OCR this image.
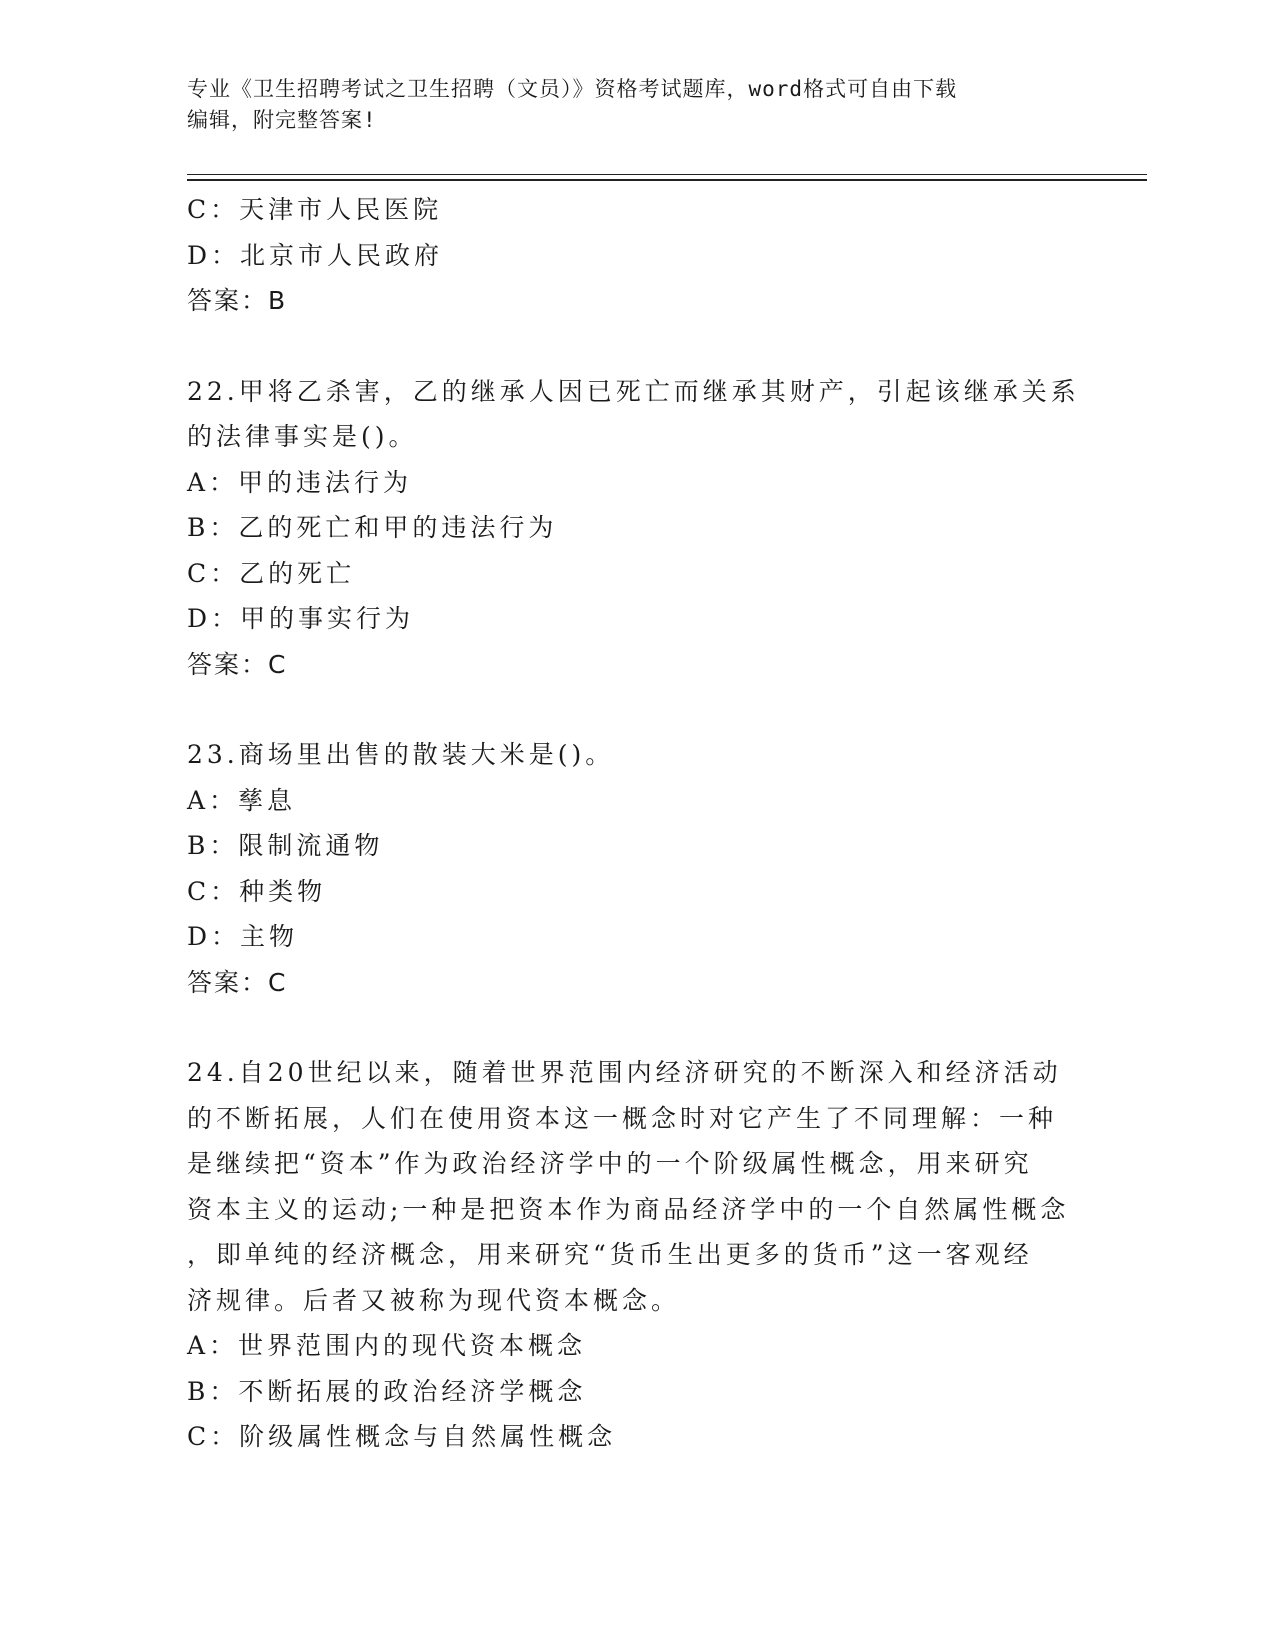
专业《卫生招聘考试之卫生招聘（文员）》资格考试题库，word格式可自由下载
编辑，附完整答案!
C：天津市人民医院
D：北京市人民政府
答案：B
22.甲将乙杀害，乙的继承人因已死亡而继承其财产，引起该继承关系
的法律事实是()。
A：甲的违法行为
B：乙的死亡和甲的违法行为
C：乙的死亡
D：甲的事实行为
答案：C
23.商场里出售的散装大米是()。
A：孳息
B：限制流通物
C：种类物
D：主物
答案：C
24.自20世纪以来，随着世界范围内经济研究的不断深入和经济活动
的不断拓展，人们在使用资本这一概念时对它产生了不同理解：一种
是继续把“资本”作为政治经济学中的一个阶级属性概念，用来研究
资本主义的运动;一种是把资本作为商品经济学中的一个自然属性概念
，即单纯的经济概念，用来研究“货币生出更多的货币”这一客观经
济规律。后者又被称为现代资本概念。
A：世界范围内的现代资本概念
B：不断拓展的政治经济学概念
C：阶级属性概念与自然属性概念
